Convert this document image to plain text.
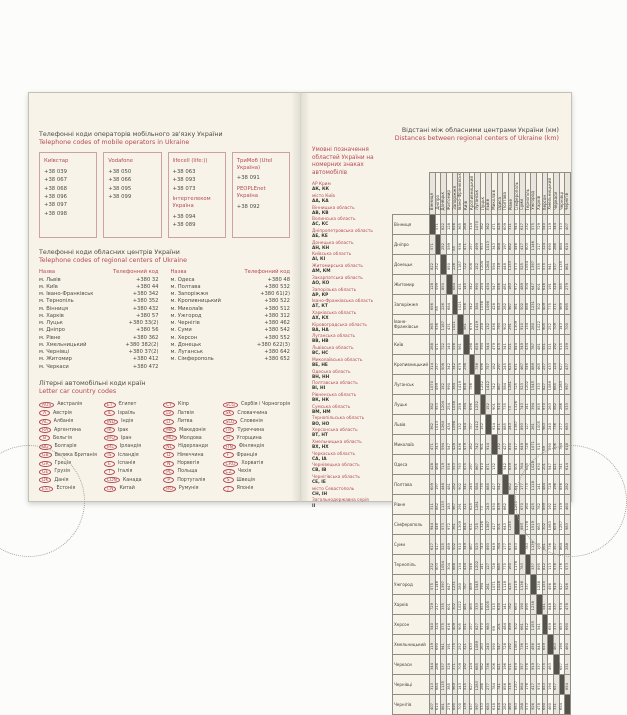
Телефонні коди операторів мобільного зв'язку України
Telephone codes of mobile operators in Ukraine
Київстар
+38 039
+38 067
+38 068
+38 096
+38 097
+38 098
Vodafone
+38 050
+38 066
+38 095
+38 099
lifecell (life:))
+38 063
+38 093
+38 073
Інтертелеком Україна
+38 094
+38 089
ТриМоб (Utel Україна)
+38 091
PEOPLEnet Україна
+38 092
Телефонні коди обласних центрів України
Telephone codes of regional centers of Ukraine
Назва	Телефонний код
м. Львів	+380 32
м. Київ	+380 44
м. Івано-Франківськ	+380 342
м. Тернопіль	+380 352
м. Вінниця	+380 432
м. Харків	+380 57
м. Луцьк	+380 33(2)
м. Дніпро	+380 56
м. Рівне	+380 362
м. Хмельницький	+380 382(2)
м. Чернівці	+380 37(2)
м. Житомир	+380 412
м. Черкаси	+380 472
Назва	Телефонний код
м. Одеса	+380 48
м. Полтава	+380 532
м. Запоріжжя	+380 61(2)
м. Кропивницький	+380 522
м. Миколаїв	+380 512
м. Ужгород	+380 312
м. Чернігів	+380 462
м. Суми	+380 542
м. Херсон	+380 552
м. Донецьк	+380 622(3)
м. Луганськ	+380 642
м. Сімферополь	+380 652
Літерні автомобільні коди країн
Letter car country codes
AUS	Австралія
A	Австрія
AL	Албанія
RA	Аргентина
B	Бельгія
BG	Болгарія
GB	Велика Британія
GR	Греція
GE	Грузія
DK	Данія
EST	Естонія
ET	Єгипет
IL	Ізраїль
IND	Індія
IR	Ірак
IRQ	Іран
IRL	Ірландія
IS	Ісландія
E	Іспанія
I	Італія
CDN	Канада
CN	Китай
CY	Кіпр
LV	Латвія
LT	Литва
MK	Македонія
MD	Молдова
NL	Нідерланди
D	Німеччина
N	Норвегія
PL	Польща
P	Португалія
RO	Румунія
SCG	Сербія і Чорногорія
SK	Словаччина
SLO	Словенія
TR	Туреччина
H	Угорщина
FIN	Фінляндія
F	Франція
CRO	Хорватія
CZ	Чехія
S	Швеція
J	Японія
Відстані між обласними центрами України (км)
Distances between regional centers of Ukraine (km)
Умовні позначення областей України на номерних знаках автомобілів
АР Крим
АК, КК
місто Київ
АА, КА
Вінницька область
АВ, КВ
Волинська область
АС, КС
Дніпропетровська область
АЕ, КЕ
Донецька область
АН, КН
Київська область
АІ, КІ
Житомирська область
АМ, КМ
Закарпатська область
АО, КО
Запорізька область
АР, КР
Івано-Франківська область
АТ, КТ
Харківська область
АХ, КХ
Кіровоградська область
ВА, НА
Луганська область
ВВ, НВ
Львівська область
ВС, НС
Миколаївська область
ВЕ, НЕ
Одеська область
ВН, НН
Полтавська область
ВІ, НІ
Рівненська область
ВК, НК
Сумська область
ВМ, НМ
Тернопільська область
ВО, НО
Херсонська область
ВТ, НТ
Хмельницька область
ВХ, НХ
Черкаська область
СА, ІА
Чернівецька область
СВ, ІВ
Чернігівська область
СЕ, ІЕ
місто Севастополь
СН, ІН
Загальнодержавна серія
ІІ
	Вінниця	Дніпро	Донецьк	Житомир	Запоріжжя	Івано-Франківськ	Київ	Кропивницький	Луганськ	Луцьк	Львів	Миколаїв	Одеса	Полтава	Рівне	Сімферополь	Суми	Тернопіль	Ужгород	Харків	Херсон	Хмельницький	Черкаси	Чернівці	Чернігів
Вінниця		571	822	128	656	365	268	314	1070	382	362	471	428	609	311	944	617	232	575	729	540	119	344	313	407
Дніпро	571		252	599	85	936	471	257	499	953	1013	343	468	197	882	446	417	803	1146	217	324	690	286	884	610
Донецьк	822	252		850	226	1187	722	508	152	1204	1264	594	719	448	1133	573	525	1054	1397	335	575	941	537	1135	861
Житомир	128	599	850		684	431	140	342	990	254	434	547	556	481	183	972	489	304	647	601	616	191	328	385	279
Запоріжжя	656	85	226	684		1021	556	342	384	1038	1098	428	553	282	967	361	502	888	1231	302	409	775	371	969	695
Івано-Франківськ	365	936	1187	431	1021		561	679	1419	258	132	836	793	902	291	1309	910	134	280	1022	905	252	709	143	700
Київ	268	471	722	140	556	561		298	858	394	544	479	475	341	321	844	349	434	787	481	551	321	192	515	139
Кропивницький	314	257	508	342	342	679	298		756	696	757	182	297	245	625	631	467	546	889	465	257	433	124	627	437
Луганськ	1070	499	152	990	384	1419	858	756		1252	1412	742	867	584	1281	725	523	1202	1545	333	827	1089	685	1283	997
Луцьк	382	953	1204	254	1038	258	394	696	1252		152	901	910	735	73	1326	743	141	394	855	970	263	582	286	533
Львів	362	1013	1264	434	1098	132	544	757	1412	152		914	871	885	243	1387	893	127	261	1005	983	240	736	277	683
Миколаїв	471	343	594	547	428	836	479	182	742	901	914		132	427	830	417	649	728	1071	515	69	590	306	784	618
Одеса	428	468	719	556	553	793	475	297	867	910	871	132		542	839	501	764	685	1028	630	201	547	421	741	614
Полтава	609	197	448	481	282	902	341	245	584	735	885	427	542		662	643	177	775	1118	141	484	728	196	856	282
Рівне	311	882	1133	183	967	291	321	625	1281	73	243	830	839	662		1255	670	160	425	782	899	192	511	319	460
Сімферополь	944	446	573	972	361	1309	844	631	725	1326	1387	417	501	643	1255		853	1176	1519	663	302	1063	659	1257	983
Суми	617	417	525	489	502	910	349	467	523	743	893	649	764	177	670	853		783	1136	190	661	736	357	864	288
Тернопіль	232	803	1054	304	888	134	434	546	1202	141	127	728	685	775	160	1176	783		337	895	812	113	576	176	573
Ужгород	575	1146	1397	647	1231	280	787	889	1545	394	261	1071	1028	1118	425	1519	1136	337		1238	1155	456	919	417	926
Харків	729	217	335	601	302	1022	481	465	333	855	1005	515	630	141	782	663	190	895	1238		541	848	337	974	478
Херсон	540	324	575	616	409	905	551	257	827	970	983	69	201	484	899	302	661	812	1155	541		659	375	853	690
Хмельницький	119	690	941	191	775	252	321	433	1089	263	240	590	547	728	192	1063	736	113	456	848	659		463	194	460
Черкаси	344	286	537	328	371	709	192	124	685	582	736	306	421	196	511	659	357	576	919	337	375	463		657	331
Чернівці	313	884	1135	385	969	143	515	627	1283	286	277	784	741	856	319	1257	864	176	417	974	853	194	657		654
Чернігів	407	610	861	279	695	700	139	437	997	533	683	618	614	282	460	983	288	573	926	478	690	460	331	654	
